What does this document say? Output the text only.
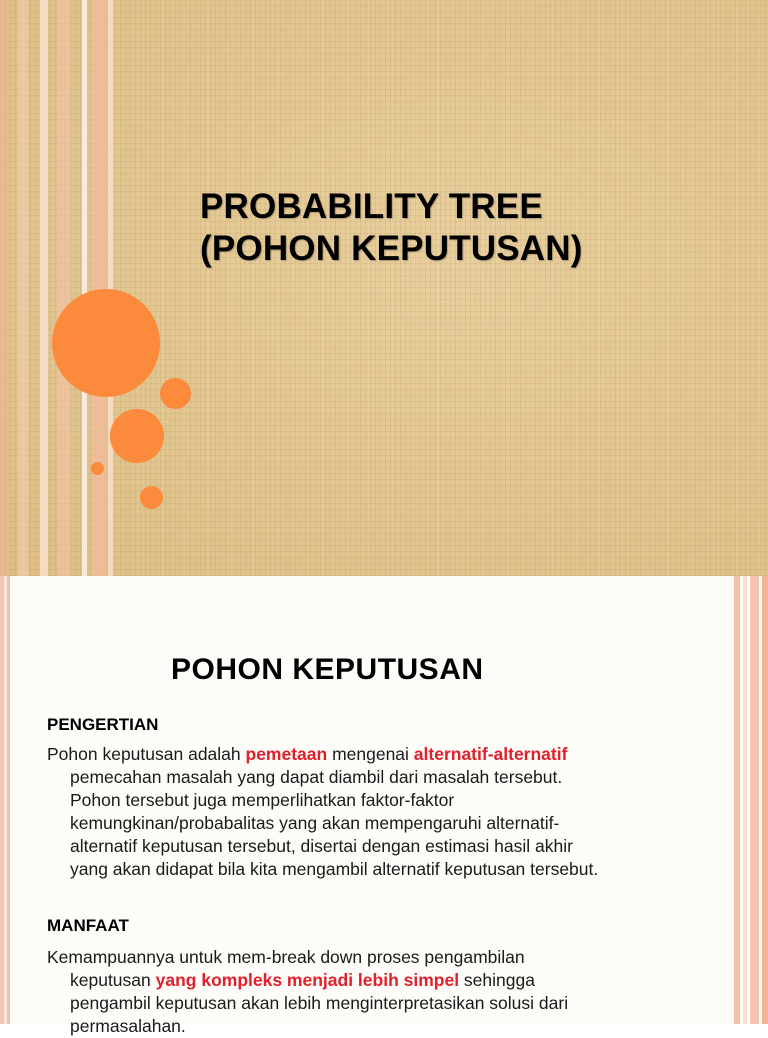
PROBABILITY TREE
(POHON KEPUTUSAN)
POHON KEPUTUSAN
PENGERTIAN
Pohon keputusan adalah pemetaan mengenai alternatif-alternatif
pemecahan masalah yang dapat diambil dari masalah tersebut.
Pohon tersebut juga memperlihatkan faktor-faktor
kemungkinan/probabalitas yang akan mempengaruhi alternatif-
alternatif keputusan tersebut, disertai dengan estimasi hasil akhir
yang akan didapat bila kita mengambil alternatif keputusan tersebut.
MANFAAT
Kemampuannya untuk mem-break down proses pengambilan
keputusan yang kompleks menjadi lebih simpel sehingga
pengambil keputusan akan lebih menginterpretasikan solusi dari
permasalahan.
